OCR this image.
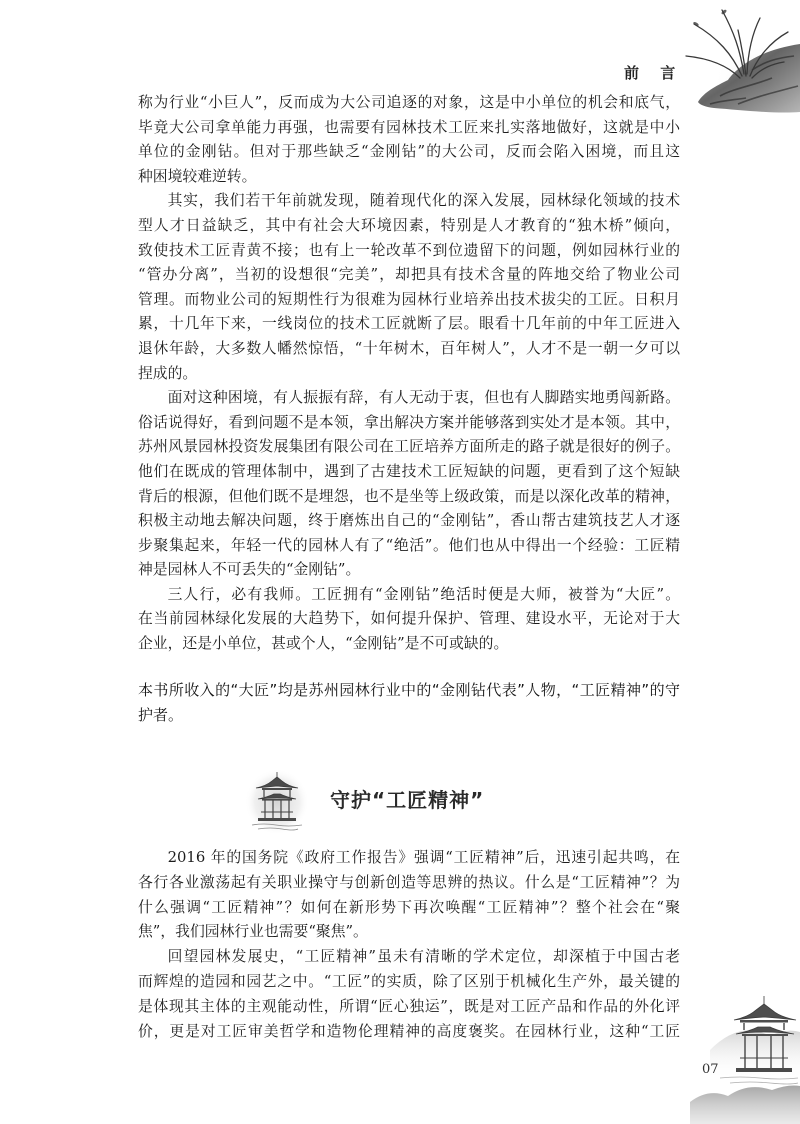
前 言
称为行业“小巨人”，反而成为大公司追逐的对象，这是中小单位的机会和底气，
毕竟大公司拿单能力再强，也需要有园林技术工匠来扎实落地做好，这就是中小
单位的金刚钻。但对于那些缺乏“金刚钻”的大公司，反而会陷入困境，而且这
种困境较难逆转。
其实，我们若干年前就发现，随着现代化的深入发展，园林绿化领域的技术
型人才日益缺乏，其中有社会大环境因素，特别是人才教育的“独木桥”倾向，
致使技术工匠青黄不接；也有上一轮改革不到位遗留下的问题，例如园林行业的
“管办分离”，当初的设想很“完美”，却把具有技术含量的阵地交给了物业公司
管理。而物业公司的短期性行为很难为园林行业培养出技术拔尖的工匠。日积月
累，十几年下来，一线岗位的技术工匠就断了层。眼看十几年前的中年工匠进入
退休年龄，大多数人幡然惊悟，“十年树木，百年树人”，人才不是一朝一夕可以
捏成的。
面对这种困境，有人振振有辞，有人无动于衷，但也有人脚踏实地勇闯新路。
俗话说得好，看到问题不是本领，拿出解决方案并能够落到实处才是本领。其中，
苏州风景园林投资发展集团有限公司在工匠培养方面所走的路子就是很好的例子。
他们在既成的管理体制中，遇到了古建技术工匠短缺的问题，更看到了这个短缺
背后的根源，但他们既不是埋怨，也不是坐等上级政策，而是以深化改革的精神，
积极主动地去解决问题，终于磨炼出自己的“金刚钻”，香山帮古建筑技艺人才逐
步聚集起来，年轻一代的园林人有了“绝活”。他们也从中得出一个经验：工匠精
神是园林人不可丢失的“金刚钻”。
三人行，必有我师。工匠拥有“金刚钻”绝活时便是大师，被誉为“大匠”。
在当前园林绿化发展的大趋势下，如何提升保护、管理、建设水平，无论对于大
企业，还是小单位，甚或个人，“金刚钻”是不可或缺的。
本书所收入的“大匠”均是苏州园林行业中的“金刚钻代表”人物，“工匠精神”的守
护者。
守护“工匠精神”
2016 年的国务院《政府工作报告》强调“工匠精神”后，迅速引起共鸣，在
各行各业激荡起有关职业操守与创新创造等思辨的热议。什么是“工匠精神”？为
什么强调“工匠精神”？如何在新形势下再次唤醒“工匠精神”？整个社会在“聚
焦”，我们园林行业也需要“聚焦”。
回望园林发展史，“工匠精神”虽未有清晰的学术定位，却深植于中国古老
而辉煌的造园和园艺之中。“工匠”的实质，除了区别于机械化生产外，最关键的
是体现其主体的主观能动性，所谓“匠心独运”，既是对工匠产品和作品的外化评
价，更是对工匠审美哲学和造物伦理精神的高度褒奖。在园林行业，这种“工匠
07
